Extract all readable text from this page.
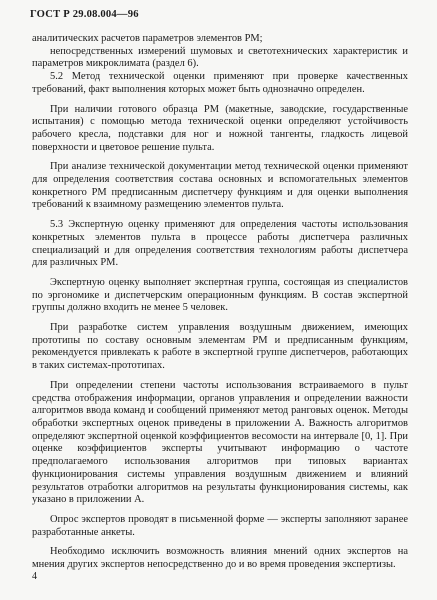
ГОСТ Р 29.08.004—96

аналитических расчетов параметров элементов РМ;

непосредственных измерений шумовых и светотехнических характеристик и параметров микроклимата (раздел 6).

5.2 Метод технической оценки применяют при проверке качественных требований, факт выполнения которых может быть однозначно определен.

При наличии готового образца РМ (макетные, заводские, государственные испытания) с помощью метода технической оценки определяют устойчивость рабочего кресла, подставки для ног и ножной тангенты, гладкость лицевой поверхности и цветовое решение пульта.

При анализе технической документации метод технической оценки применяют для определения соответствия состава основных и вспомогательных элементов конкретного РМ предписанным диспетчеру функциям и для оценки выполнения требований к взаимному размещению элементов пульта.

5.3 Экспертную оценку применяют для определения частоты использования конкретных элементов пульта в процессе работы диспетчера различных специализаций и для определения соответствия технологиям работы диспетчера для различных РМ.

Экспертную оценку выполняет экспертная группа, состоящая из специалистов по эргономике и диспетчерским операционным функциям. В состав экспертной группы должно входить не менее 5 человек.

При разработке систем управления воздушным движением, имеющих прототипы по составу основным элементам РМ и предписанным функциям, рекомендуется привлекать к работе в экспертной группе диспетчеров, работающих в таких системах-прототипах.

При определении степени частоты использования встраиваемого в пульт средства отображения информации, органов управления и определении важности алгоритмов ввода команд и сообщений применяют метод ранговых оценок. Методы обработки экспертных оценок приведены в приложении А. Важность алгоритмов определяют экспертной оценкой коэффициентов весомости на интервале [0, 1]. При оценке коэффициентов эксперты учитывают информацию о частоте предполагаемого использования алгоритмов при типовых вариантах функционирования системы управления воздушным движением и влияний результатов отработки алгоритмов на результаты функционирования системы, как указано в приложении А.

Опрос экспертов проводят в письменной форме — эксперты заполняют заранее разработанные анкеты.

Необходимо исключить возможность влияния мнений одних экспертов на мнения других экспертов непосредственно до и во время проведения экспертизы.

4
